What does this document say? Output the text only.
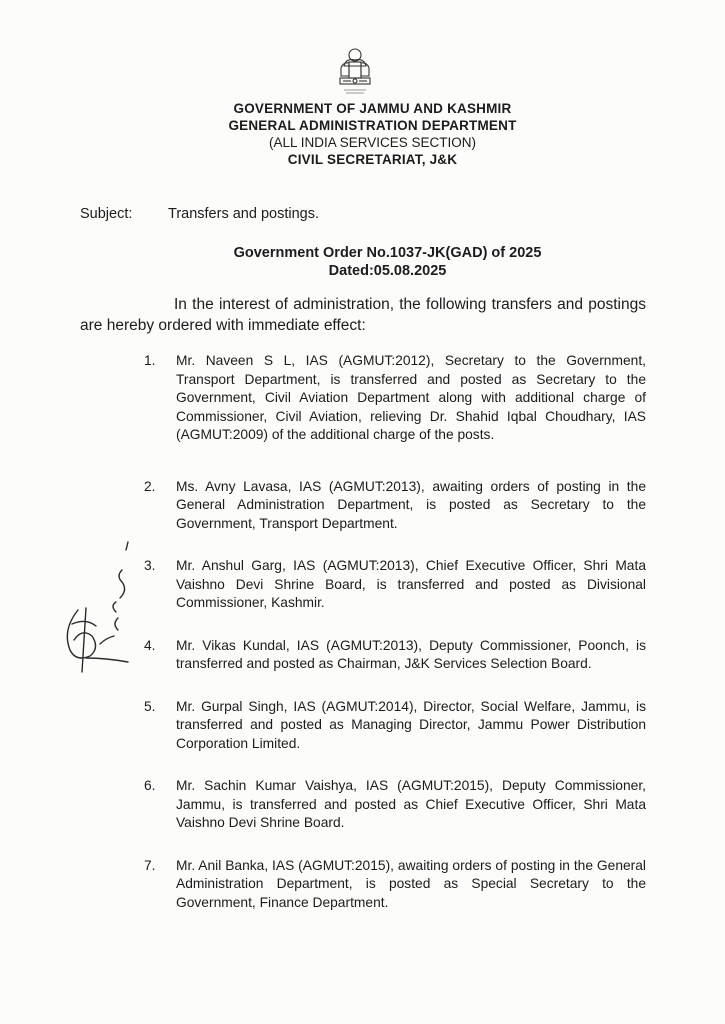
GOVERNMENT OF JAMMU AND KASHMIR
GENERAL ADMINISTRATION DEPARTMENT
(ALL INDIA SERVICES SECTION)
CIVIL SECRETARIAT, J&K
Subject: Transfers and postings.
Government Order No.1037-JK(GAD) of 2025
Dated:05.08.2025
In the interest of administration, the following transfers and postings are hereby ordered with immediate effect:
1.	Mr. Naveen S L, IAS (AGMUT:2012), Secretary to the Government, Transport Department, is transferred and posted as Secretary to the Government, Civil Aviation Department along with additional charge of Commissioner, Civil Aviation, relieving Dr. Shahid Iqbal Choudhary, IAS (AGMUT:2009) of the additional charge of the posts.
2.	Ms. Avny Lavasa, IAS (AGMUT:2013), awaiting orders of posting in the General Administration Department, is posted as Secretary to the Government, Transport Department.
3.	Mr. Anshul Garg, IAS (AGMUT:2013), Chief Executive Officer, Shri Mata Vaishno Devi Shrine Board, is transferred and posted as Divisional Commissioner, Kashmir.
4.	Mr. Vikas Kundal, IAS (AGMUT:2013), Deputy Commissioner, Poonch, is transferred and posted as Chairman, J&K Services Selection Board.
5.	Mr. Gurpal Singh, IAS (AGMUT:2014), Director, Social Welfare, Jammu, is transferred and posted as Managing Director, Jammu Power Distribution Corporation Limited.
6.	Mr. Sachin Kumar Vaishya, IAS (AGMUT:2015), Deputy Commissioner, Jammu, is transferred and posted as Chief Executive Officer, Shri Mata Vaishno Devi Shrine Board.
7.	Mr. Anil Banka, IAS (AGMUT:2015), awaiting orders of posting in the General Administration Department, is posted as Special Secretary to the Government, Finance Department.
